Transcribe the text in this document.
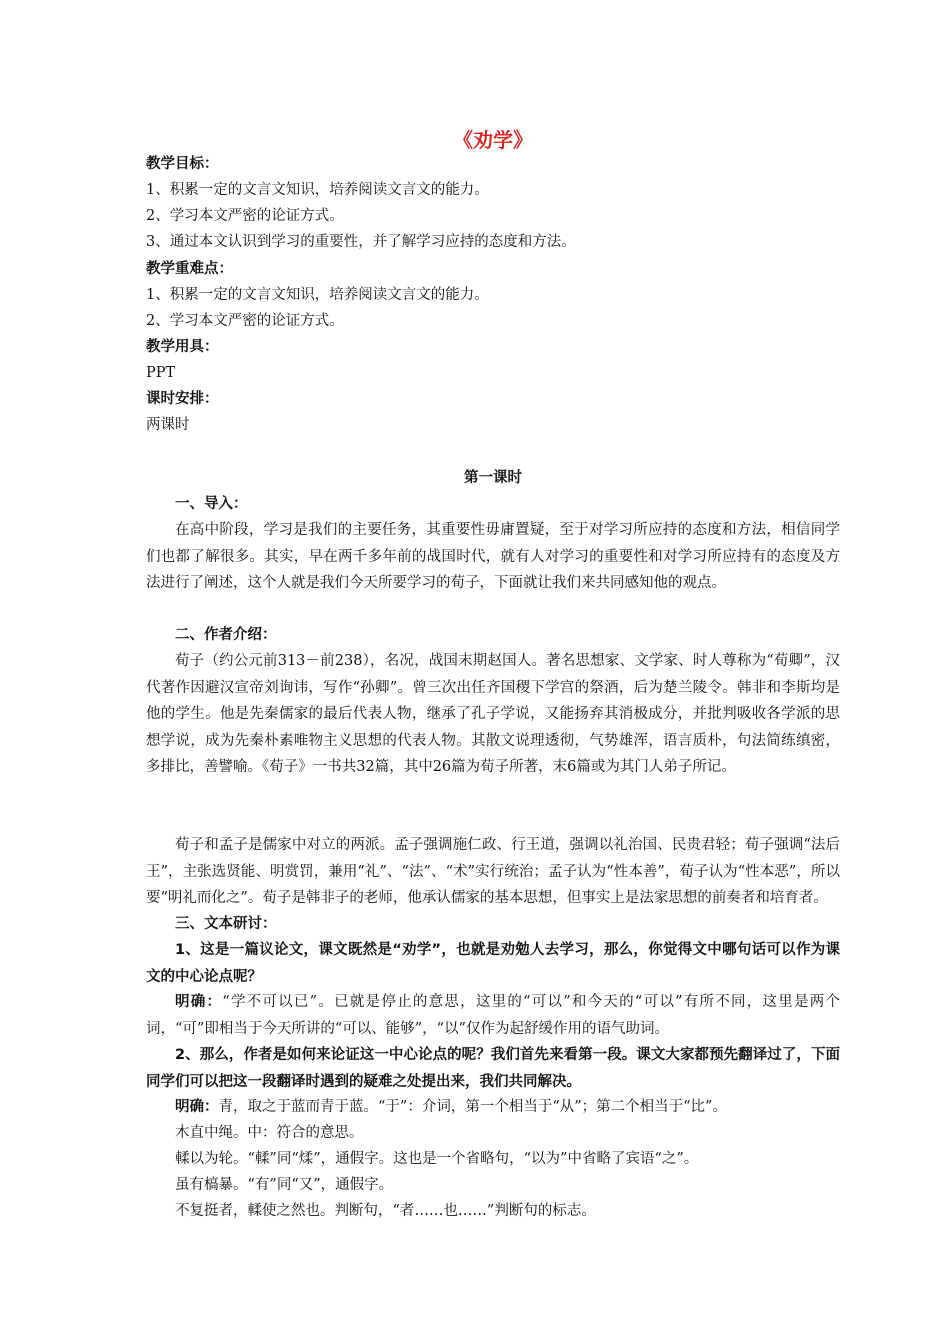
《劝学》
教学目标：
1、积累一定的文言文知识，培养阅读文言文的能力。
2、学习本文严密的论证方式。
3、通过本文认识到学习的重要性，并了解学习应持的态度和方法。
教学重难点：
1、积累一定的文言文知识，培养阅读文言文的能力。
2、学习本文严密的论证方式。
教学用具：
PPT
课时安排：
两课时
第一课时
一、导入：

在高中阶段，学习是我们的主要任务，其重要性毋庸置疑，至于对学习所应持的态度和方法，相信同学们也都了解很多。其实，早在两千多年前的战国时代，就有人对学习的重要性和对学习所应持有的态度及方法进行了阐述，这个人就是我们今天所要学习的荀子，下面就让我们来共同感知他的观点。

二、作者介绍：

荀子（约公元前313－前238），名况，战国末期赵国人。著名思想家、文学家、时人尊称为“荀卿”，汉代著作因避汉宣帝刘询讳，写作“孙卿”。曾三次出任齐国稷下学宫的祭酒，后为楚兰陵令。韩非和李斯均是他的学生。他是先秦儒家的最后代表人物，继承了孔子学说，又能扬弃其消极成分，并批判吸收各学派的思想学说，成为先秦朴素唯物主义思想的代表人物。其散文说理透彻，气势雄浑，语言质朴，句法简练缜密，多排比，善譬喻。《荀子》一书共32篇，其中26篇为荀子所著，末6篇或为其门人弟子所记。

荀子和孟子是儒家中对立的两派。孟子强调施仁政、行王道，强调以礼治国、民贵君轻；荀子强调“法后王”，主张选贤能、明赏罚，兼用“礼”、“法”、“术”实行统治；孟子认为“性本善”，荀子认为“性本恶”，所以要“明礼而化之”。荀子是韩非子的老师，他承认儒家的基本思想，但事实上是法家思想的前奏者和培育者。

三、文本研讨：

1、这是一篇议论文，课文既然是“劝学”，也就是劝勉人去学习，那么，你觉得文中哪句话可以作为课文的中心论点呢？

明确：“学不可以已”。已就是停止的意思，这里的“可以”和今天的“可以”有所不同，这里是两个词，“可”即相当于今天所讲的“可以、能够”，“以”仅作为起舒缓作用的语气助词。

2、那么，作者是如何来论证这一中心论点的呢？我们首先来看第一段。课文大家都预先翻译过了，下面同学们可以把这一段翻译时遇到的疑难之处提出来，我们共同解决。

明确：青，取之于蓝而青于蓝。“于”：介词，第一个相当于“从”；第二个相当于“比”。

木直中绳。中：符合的意思。
輮以为轮。“輮”同“煣”，通假字。这也是一个省略句，“以为”中省略了宾语“之”。
虽有槁暴。“有”同“又”，通假字。
不复挺者，輮使之然也。判断句，“者……也……”判断句的标志。
